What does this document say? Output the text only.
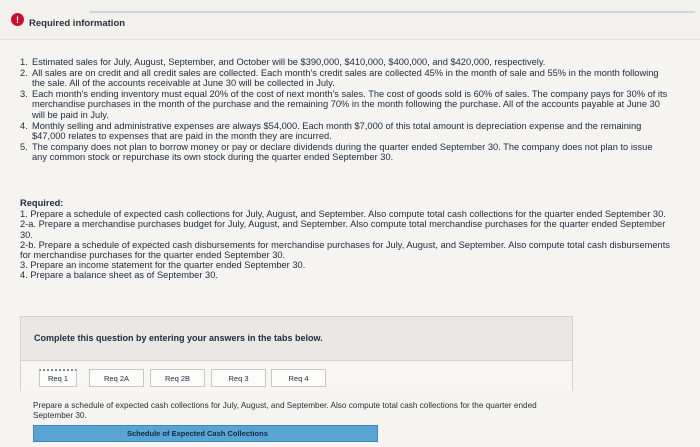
!	Required information
1. Estimated sales for July, August, September, and October will be $390,000, $410,000, $400,000, and $420,000, respectively.
2. All sales are on credit and all credit sales are collected. Each month's credit sales are collected 45% in the month of sale and 55% in the month following the sale. All of the accounts receivable at June 30 will be collected in July.
3. Each month's ending inventory must equal 20% of the cost of next month's sales. The cost of goods sold is 60% of sales. The company pays for 30% of its merchandise purchases in the month of the purchase and the remaining 70% in the month following the purchase. All of the accounts payable at June 30 will be paid in July.
4. Monthly selling and administrative expenses are always $54,000. Each month $7,000 of this total amount is depreciation expense and the remaining $47,000 relates to expenses that are paid in the month they are incurred.
5. The company does not plan to borrow money or pay or declare dividends during the quarter ended September 30. The company does not plan to issue any common stock or repurchase its own stock during the quarter ended September 30.
Required:
1. Prepare a schedule of expected cash collections for July, August, and September. Also compute total cash collections for the quarter ended September 30.
2-a. Prepare a merchandise purchases budget for July, August, and September. Also compute total merchandise purchases for the quarter ended September 30.
2-b. Prepare a schedule of expected cash disbursements for merchandise purchases for July, August, and September. Also compute total cash disbursements for merchandise purchases for the quarter ended September 30.
3. Prepare an income statement for the quarter ended September 30.
4. Prepare a balance sheet as of September 30.
Complete this question by entering your answers in the tabs below.
Req 1	Req 2A	Req 2B	Req 3	Req 4
Prepare a schedule of expected cash collections for July, August, and September. Also compute total cash collections for the quarter ended September 30.
Schedule of Expected Cash Collections
